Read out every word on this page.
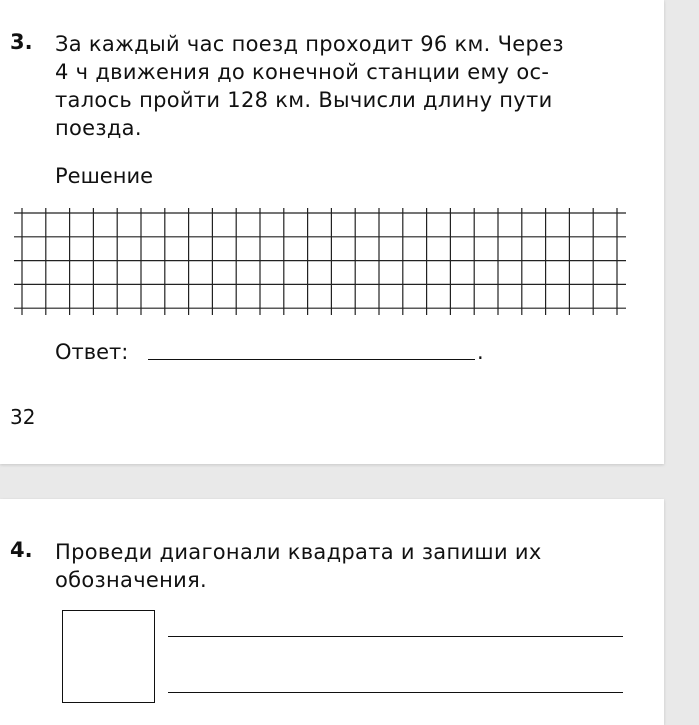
3. За каждый час поезд проходит 96 км. Через
4 ч движения до конечной станции ему ос-
талось пройти 128 км. Вычисли длину пути
поезда.
Решение
Ответ:	.
32
4. Проведи диагонали квадрата и запиши их
обозначения.
